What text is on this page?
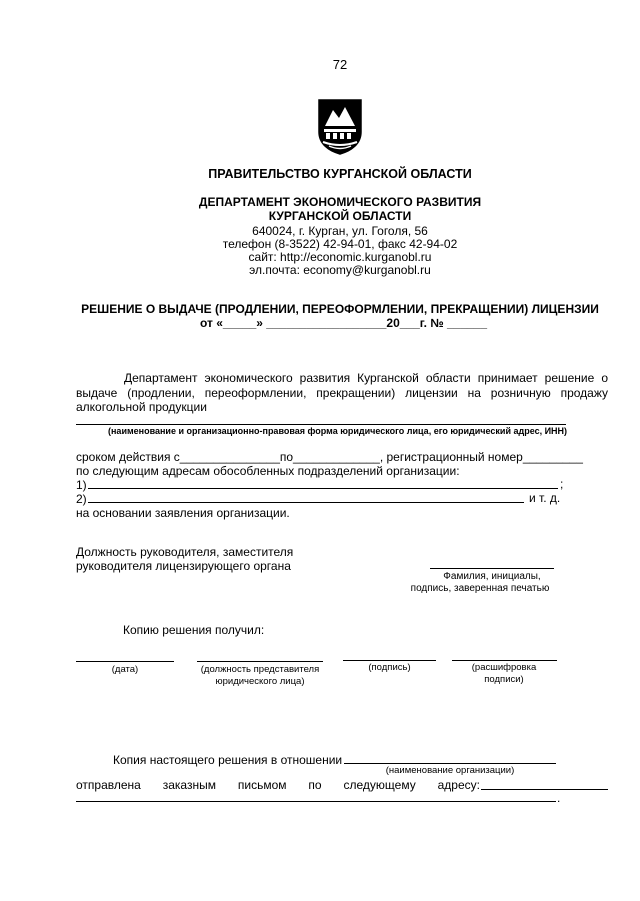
72
ПРАВИТЕЛЬСТВО КУРГАНСКОЙ ОБЛАСТИ
ДЕПАРТАМЕНТ ЭКОНОМИЧЕСКОГО РАЗВИТИЯ
КУРГАНСКОЙ ОБЛАСТИ
640024, г. Курган, ул. Гоголя, 56
телефон (8-3522) 42-94-01, факс 42-94-02
сайт: http://economic.kurganobl.ru
эл.почта: economy@kurganobl.ru
РЕШЕНИЕ О ВЫДАЧЕ (ПРОДЛЕНИИ, ПЕРЕОФОРМЛЕНИИ, ПРЕКРАЩЕНИИ) ЛИЦЕНЗИИ
от «_____» __________________20___г. № ______
Департамент экономического развития Курганской области принимает решение о
выдаче (продлении, переоформлении, прекращении) лицензии на розничную продажу
алкогольной продукции
(наименование и организационно-правовая форма юридического лица, его юридический адрес, ИНН)
сроком действия с_______________по_____________, регистрационный номер_________
по следующим адресам обособленных подразделений организации:
1)	;
2)	и т. д.
на основании заявления организации.
Должность руководителя, заместителя
руководителя лицензирующего органа
Фамилия, инициалы,
подпись, заверенная печатью
Копию решения получил:
(дата)	(должность представителя
юридического лица)
(подпись)	(расшифровка
подписи)
Копия настоящего решения в отношении
(наименование организации)
отправлена заказным письмом по следующему адресу:
.
